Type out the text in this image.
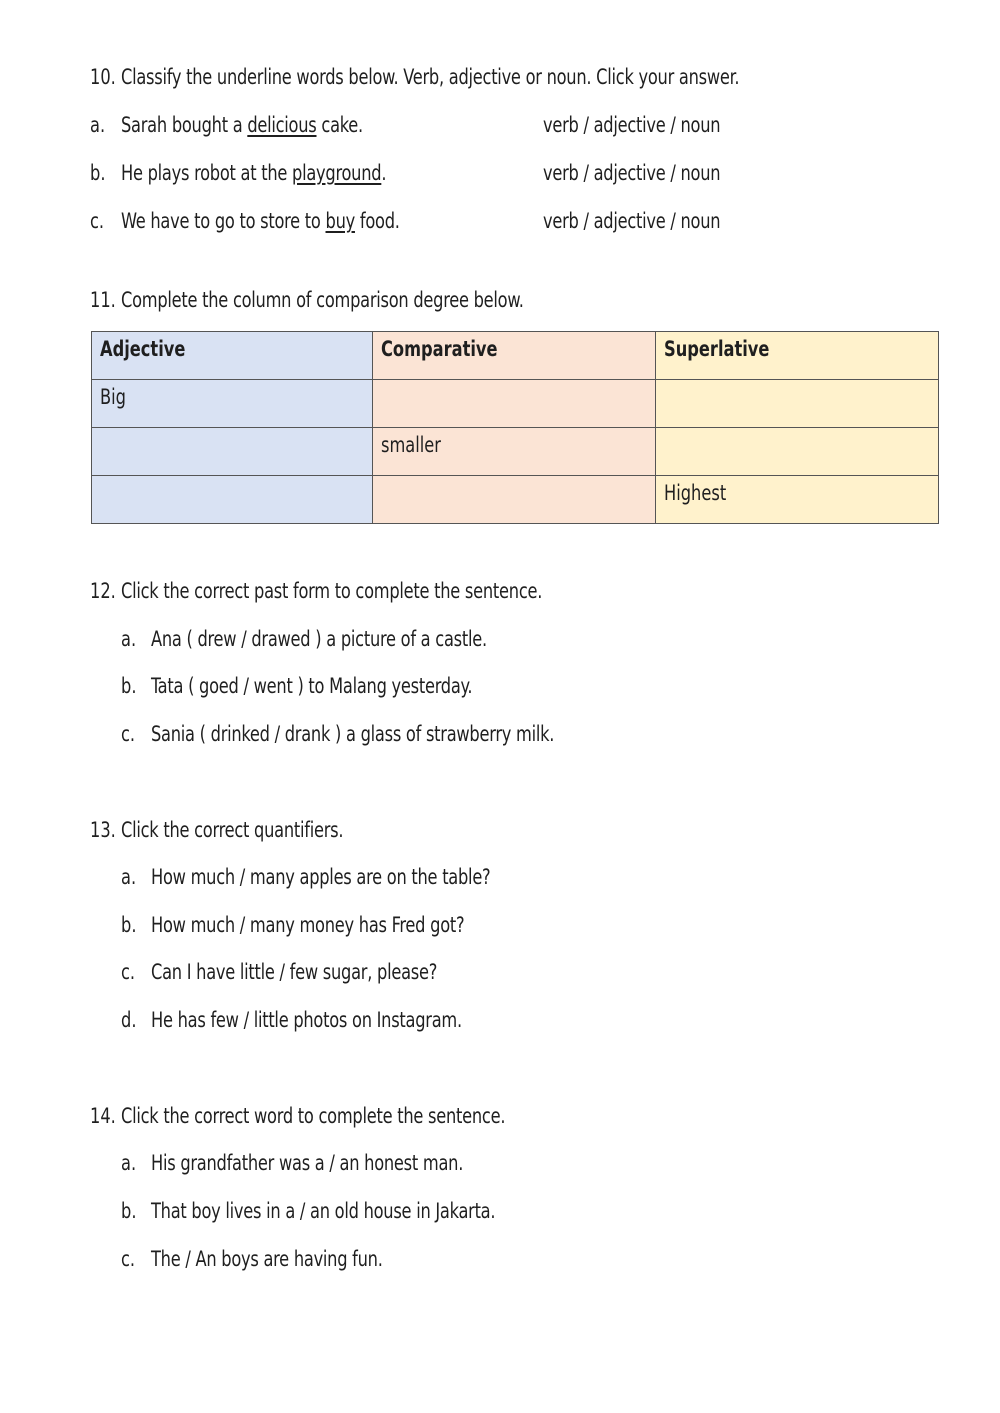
10. Classify the underline words below. Verb, adjective or noun. Click your answer.
a. Sarah bought a delicious cake.	verb / adjective / noun
b. He plays robot at the playground.	verb / adjective / noun
c. We have to go to store to buy food.	verb / adjective / noun
11. Complete the column of comparison degree below.
Adjective	Comparative	Superlative
Big		
	smaller	
		Highest
12. Click the correct past form to complete the sentence.
a. Ana ( drew / drawed ) a picture of a castle.
b. Tata ( goed / went ) to Malang yesterday.
c. Sania ( drinked / drank ) a glass of strawberry milk.
13. Click the correct quantifiers.
a. How much / many apples are on the table?
b. How much / many money has Fred got?
c. Can I have little / few sugar, please?
d. He has few / little photos on Instagram.
14. Click the correct word to complete the sentence.
a. His grandfather was a / an honest man.
b. That boy lives in a / an old house in Jakarta.
c. The / An boys are having fun.
